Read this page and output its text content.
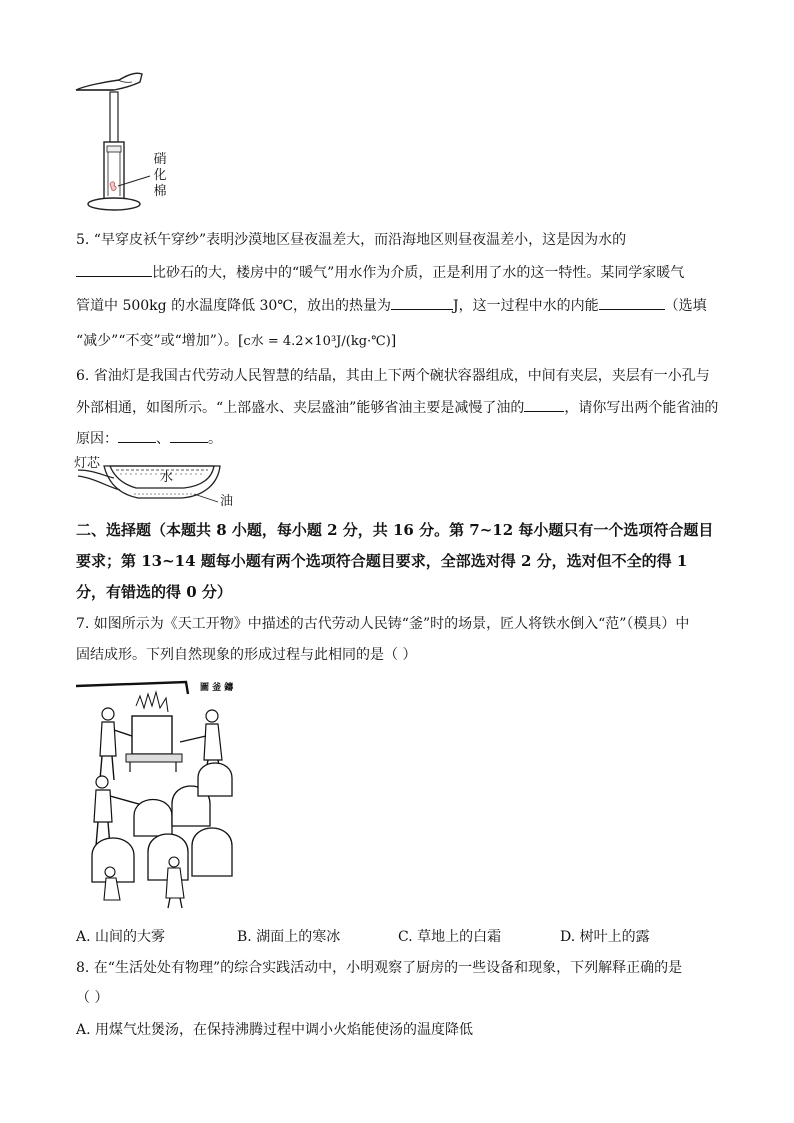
硝
化
棉
5. “早穿皮袄午穿纱”表明沙漠地区昼夜温差大，而沿海地区则昼夜温差小，这是因为水的
比砂石的大，楼房中的“暖气”用水作为介质，正是利用了水的这一特性。某同学家暖气
管道中 500kg 的水温度降低 30℃，放出的热量为	J，这一过程中水的内能	（选填
“减少”“不变”或“增加”）。[c水 = 4.2×10³J/(kg·℃)]
6. 省油灯是我国古代劳动人民智慧的结晶，其由上下两个碗状容器组成，中间有夹层，夹层有一小孔与
外部相通，如图所示。“上部盛水、夹层盛油”能够省油主要是减慢了油的	，请你写出两个能省油的
原因：	、	。
灯芯
水
油
二、选择题（本题共 8 小题，每小题 2 分，共 16 分。第 7~12 每小题只有一个选项符合题目
要求；第 13~14 题每小题有两个选项符合题目要求，全部选对得 2 分，选对但不全的得 1
分，有错选的得 0 分）
7. 如图所示为《天工开物》中描述的古代劳动人民铸“釜”时的场景，匠人将铁水倒入“范”（模具）中
固结成形。下列自然现象的形成过程与此相同的是（ ）
圖 釜 鑄
A. 山间的大雾	B. 湖面上的寒冰	C. 草地上的白霜	D. 树叶上的露
8. 在“生活处处有物理”的综合实践活动中，小明观察了厨房的一些设备和现象，下列解释正确的是
（ ）
A. 用煤气灶煲汤，在保持沸腾过程中调小火焰能使汤的温度降低
